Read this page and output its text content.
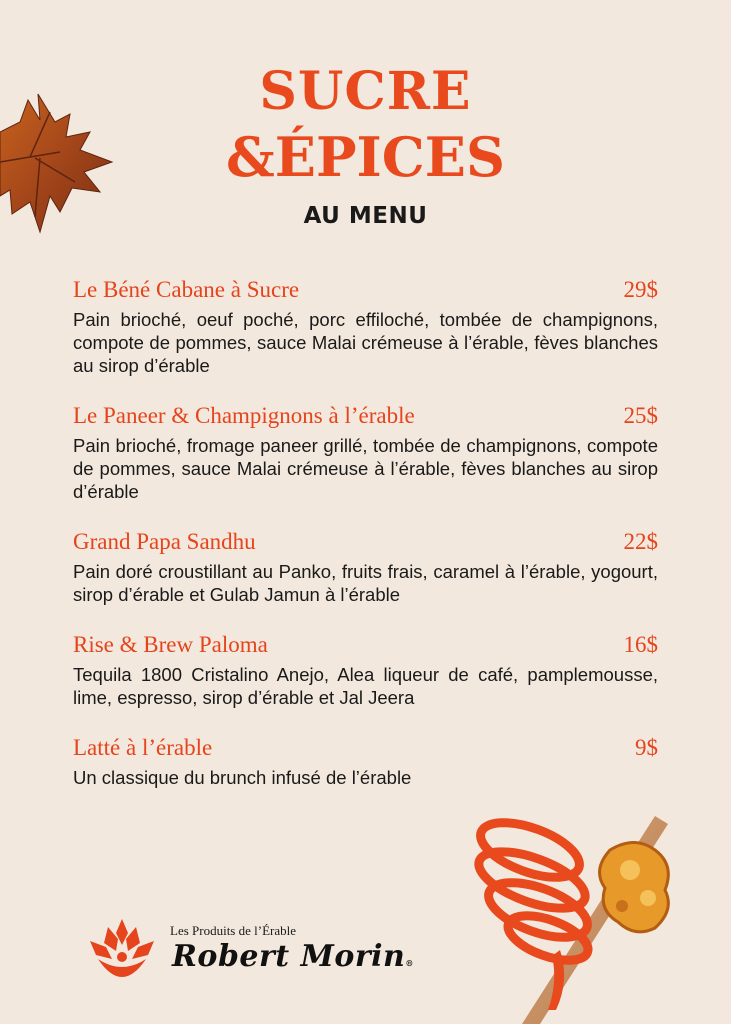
SUCRE
&ÉPICES
AU MENU
Le Béné Cabane à Sucre	29$
Pain brioché, oeuf poché, porc effiloché, tombée de champignons, compote de pommes, sauce Malai crémeuse à l’érable, fèves blanches au sirop d’érable
Le Paneer & Champignons à l’érable	25$
Pain brioché, fromage paneer grillé, tombée de champignons, compote de pommes, sauce Malai crémeuse à l’érable, fèves blanches au sirop d’érable
Grand Papa Sandhu	22$
Pain doré croustillant au Panko, fruits frais, caramel à l’érable, yogourt, sirop d’érable et Gulab Jamun à l’érable
Rise & Brew Paloma	16$
Tequila 1800 Cristalino Anejo, Alea liqueur de café, pamplemousse, lime, espresso, sirop d’érable et Jal Jeera
Latté à l’érable	9$
Un classique du brunch infusé de l’érable
Les Produits de l’Érable
Robert Morin®
